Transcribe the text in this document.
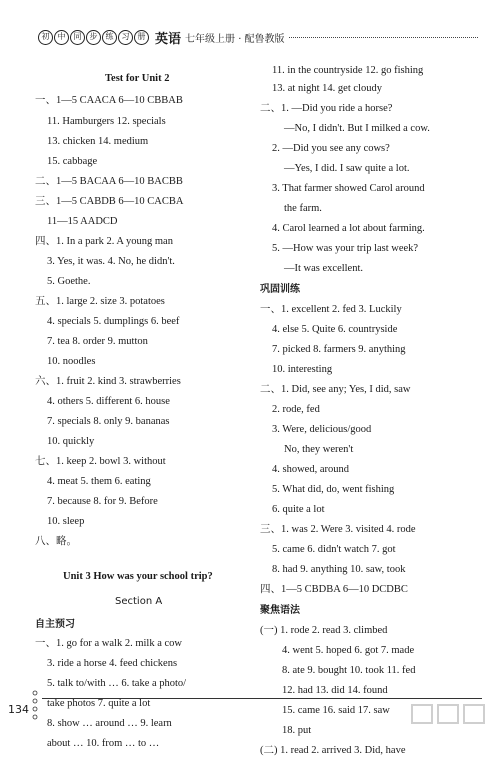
初	中	同	步	练	习	册 英语 七年级上册 · 配鲁教版
Test for Unit 2
一、1—5 CAACA 6—10 CBBAB
11. Hamburgers 12. specials
13. chicken 14. medium
15. cabbage
二、1—5 BACAA 6—10 BACBB
三、1—5 CABDB 6—10 CACBA
11—15 AADCD
四、1. In a park 2. A young man
3. Yes, it was. 4. No, he didn't.
5. Goethe.
五、1. large 2. size 3. potatoes
4. specials 5. dumplings 6. beef
7. tea 8. order 9. mutton
10. noodles
六、1. fruit 2. kind 3. strawberries
4. others 5. different 6. house
7. specials 8. only 9. bananas
10. quickly
七、1. keep 2. bowl 3. without
4. meat 5. them 6. eating
7. because 8. for 9. Before
10. sleep
八、略。
Unit 3 How was your school trip?
Section A
自主预习
一、1. go for a walk 2. milk a cow
3. ride a horse 4. feed chickens
5. talk to/with … 6. take a photo/
take photos 7. quite a lot
8. show … around … 9. learn
about … 10. from … to …
11. in the countryside 12. go fishing
13. at night 14. get cloudy
二、1. —Did you ride a horse?
—No, I didn't. But I milked a cow.
2. —Did you see any cows?
—Yes, I did. I saw quite a lot.
3. That farmer showed Carol around
the farm.
4. Carol learned a lot about farming.
5. —How was your trip last week?
—It was excellent.
巩固训练
一、1. excellent 2. fed 3. Luckily
4. else 5. Quite 6. countryside
7. picked 8. farmers 9. anything
10. interesting
二、1. Did, see any; Yes, I did, saw
2. rode, fed
3. Were, delicious/good
No, they weren't
4. showed, around
5. What did, do, went fishing
6. quite a lot
三、1. was 2. Were 3. visited 4. rode
5. came 6. didn't watch 7. got
8. had 9. anything 10. saw, took
四、1—5 CBDBA 6—10 DCDBC
聚焦语法
(一) 1. rode 2. read 3. climbed
4. went 5. hoped 6. got 7. made
8. ate 9. bought 10. took 11. fed
12. had 13. did 14. found
15. came 16. said 17. saw
18. put
(二) 1. read 2. arrived 3. Did, have
134
